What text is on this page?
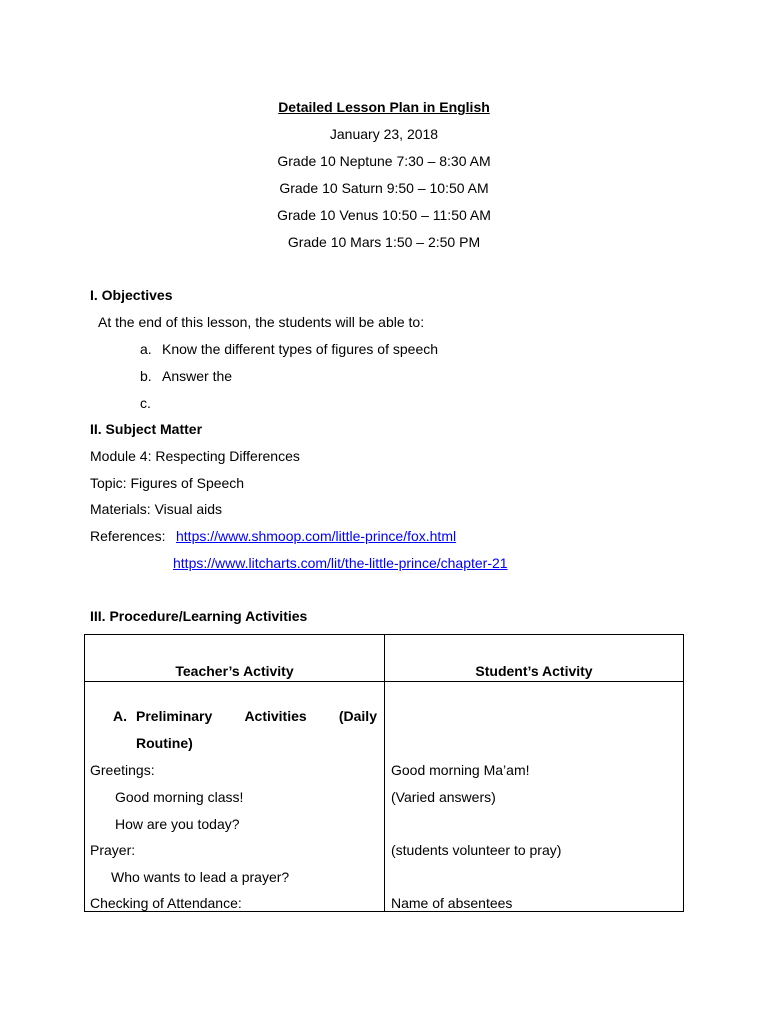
Detailed Lesson Plan in English
January 23, 2018
Grade 10 Neptune 7:30 – 8:30 AM
Grade 10 Saturn 9:50 – 10:50 AM
Grade 10 Venus 10:50 – 11:50 AM
Grade 10 Mars 1:50 – 2:50 PM
I. Objectives
At the end of this lesson, the students will be able to:
a. Know the different types of figures of speech
b. Answer the
c.
II. Subject Matter
Module 4: Respecting Differences
Topic: Figures of Speech
Materials: Visual aids
References: https://www.shmoop.com/little-prince/fox.html
https://www.litcharts.com/lit/the-little-prince/chapter-21
III. Procedure/Learning Activities
Teacher’s Activity	Student’s Activity
A. Preliminary Activities (Daily
Routine)
Greetings:
Good morning class!
How are you today?
Prayer:
Who wants to lead a prayer?
Checking of Attendance:
Good morning Ma’am!
(Varied answers)
(students volunteer to pray)
Name of absentees
